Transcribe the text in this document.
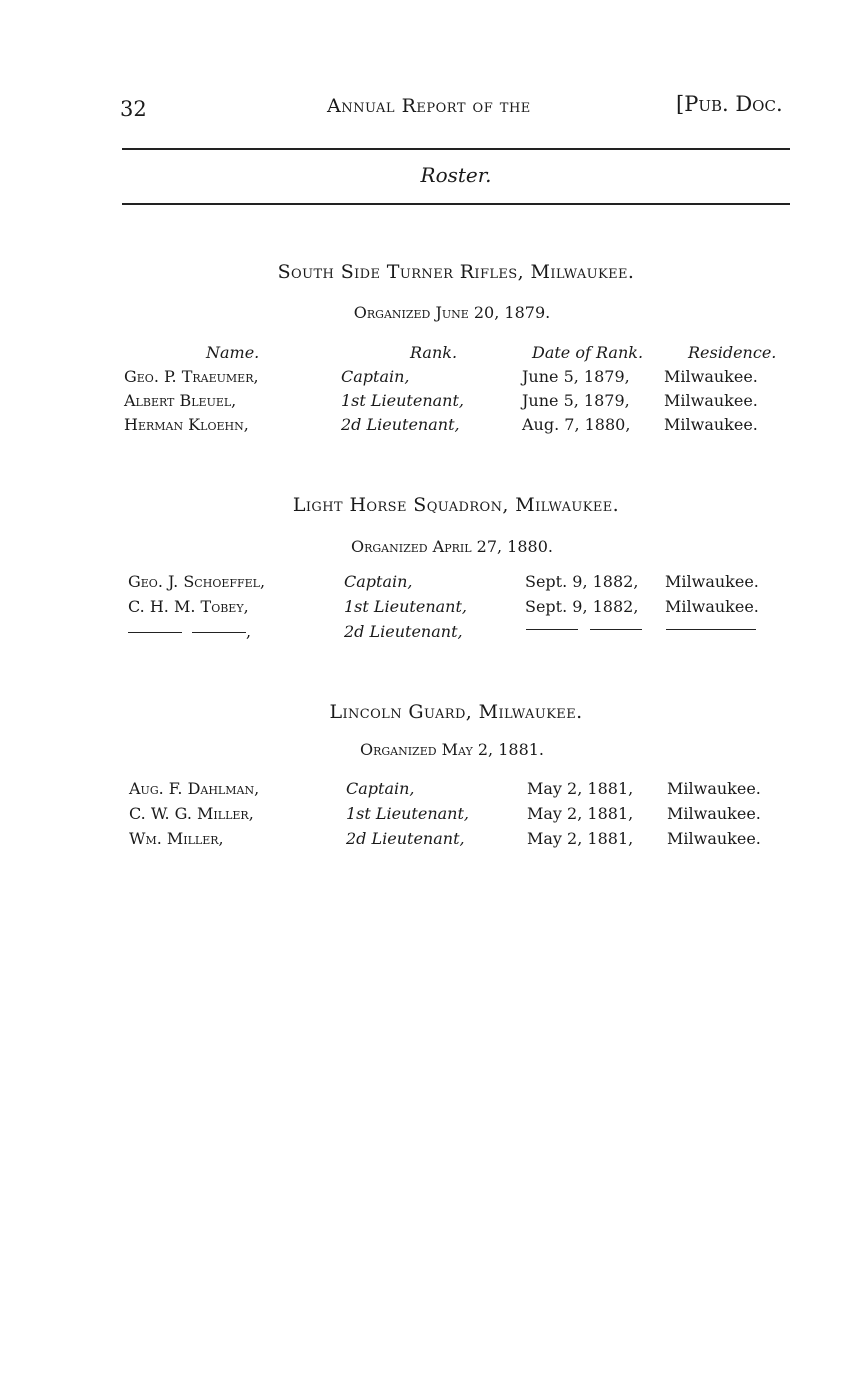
32	Annual Report of the	[Pub. Doc.
Roster.
South Side Turner Rifles, Milwaukee.
Organized June 20, 1879.
Name.	Rank.	Date of Rank.	Residence.
Geo. P. Traeumer,	Captain,	June 5, 1879, Milwaukee.
Albert Bleuel,	1st Lieutenant,	June 5, 1879, Milwaukee.
Herman Kloehn,	2d Lieutenant,	Aug. 7, 1880, Milwaukee.
Light Horse Squadron, Milwaukee.
Organized April 27, 1880.
Geo. J. Schoeffel,	Captain,	Sept. 9, 1882, Milwaukee.
C. H. M. Tobey,	1st Lieutenant,	Sept. 9, 1882, Milwaukee.
,	2d Lieutenant,
Lincoln Guard, Milwaukee.
Organized May 2, 1881.
Aug. F. Dahlman,	Captain,	May 2, 1881, Milwaukee.
C. W. G. Miller,	1st Lieutenant,	May 2, 1881, Milwaukee.
Wm. Miller,	2d Lieutenant,	May 2, 1881, Milwaukee.
